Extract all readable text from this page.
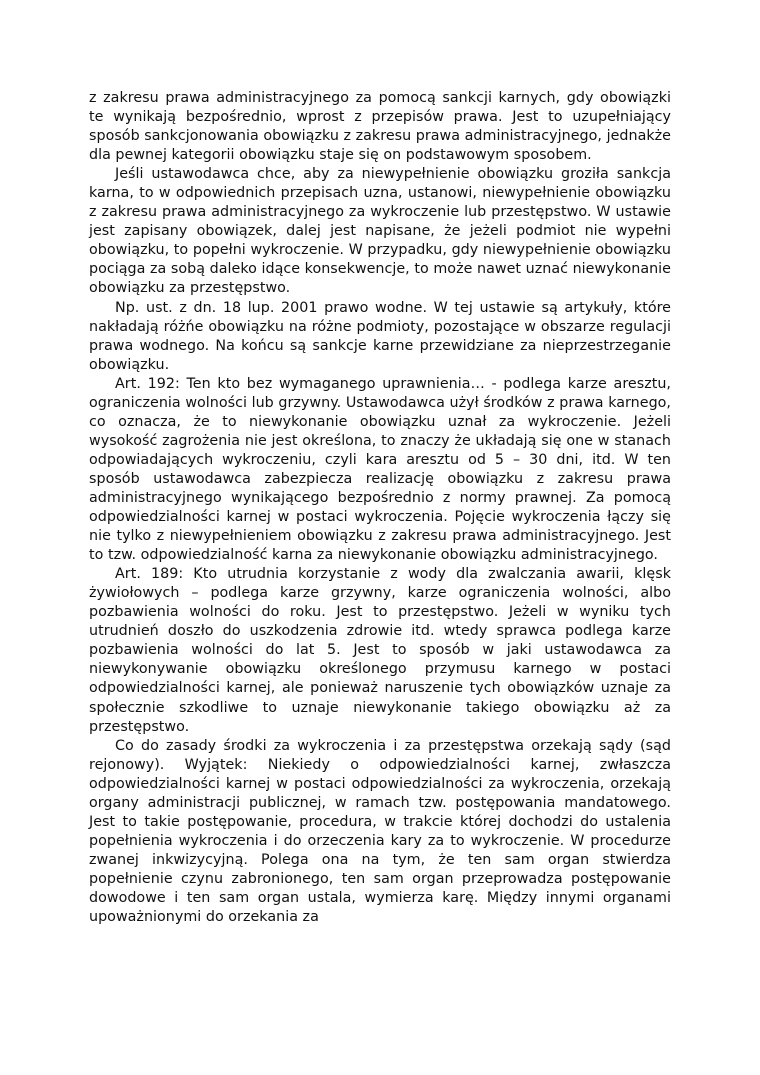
z zakresu prawa administracyjnego za pomocą sankcji karnych, gdy obowiązki te wynikają bezpośrednio, wprost z przepisów prawa. Jest to uzupełniający sposób sankcjonowania obowiązku z zakresu prawa administracyjnego, jednakże dla pewnej kategorii obowiązku staje się on podstawowym sposobem.

Jeśli ustawodawca chce, aby za niewypełnienie obowiązku groziła sankcja karna, to w odpowiednich przepisach uzna, ustanowi, niewypełnienie obowiązku z zakresu prawa administracyjnego za wykroczenie lub przestępstwo. W ustawie jest zapisany obowiązek, dalej jest napisane, że jeżeli podmiot nie wypełni obowiązku, to popełni wykroczenie. W przypadku, gdy niewypełnienie obowiązku pociąga za sobą daleko idące konsekwencje, to może nawet uznać niewykonanie obowiązku za przestępstwo.

Np. ust. z dn. 18 lup. 2001 prawo wodne. W tej ustawie są artykuły, które nakładają różńe obowiązku na różne podmioty, pozostające w obszarze regulacji prawa wodnego. Na końcu są sankcje karne przewidziane za nieprzestrzeganie obowiązku.

Art. 192: Ten kto bez wymaganego uprawnienia… - podlega karze aresztu, ograniczenia wolności lub grzywny. Ustawodawca użył środków z prawa karnego, co oznacza, że to niewykonanie obowiązku uznał za wykroczenie. Jeżeli wysokość zagrożenia nie jest określona, to znaczy że układają się one w stanach odpowiadających wykroczeniu, czyli kara aresztu od 5 – 30 dni, itd. W ten sposób ustawodawca zabezpiecza realizację obowiązku z zakresu prawa administracyjnego wynikającego bezpośrednio z normy prawnej. Za pomocą odpowiedzialności karnej w postaci wykroczenia. Pojęcie wykroczenia łączy się nie tylko z niewypełnieniem obowiązku z zakresu prawa administracyjnego. Jest to tzw. odpowiedzialność karna za niewykonanie obowiązku administracyjnego.

Art. 189: Kto utrudnia korzystanie z wody dla zwalczania awarii, klęsk żywiołowych – podlega karze grzywny, karze ograniczenia wolności, albo pozbawienia wolności do roku. Jest to przestępstwo. Jeżeli w wyniku tych utrudnień doszło do uszkodzenia zdrowie itd. wtedy sprawca podlega karze pozbawienia wolności do lat 5. Jest to sposób w jaki ustawodawca za niewykonywanie obowiązku określonego przymusu karnego w postaci odpowiedzialności karnej, ale ponieważ naruszenie tych obowiązków uznaje za społecznie szkodliwe to uznaje niewykonanie takiego obowiązku aż za przestępstwo.

Co do zasady środki za wykroczenia i za przestępstwa orzekają sądy (sąd rejonowy). Wyjątek: Niekiedy o odpowiedzialności karnej, zwłaszcza odpowiedzialności karnej w postaci odpowiedzialności za wykroczenia, orzekają organy administracji publicznej, w ramach tzw. postępowania mandatowego. Jest to takie postępowanie, procedura, w trakcie której dochodzi do ustalenia popełnienia wykroczenia i do orzeczenia kary za to wykroczenie. W procedurze zwanej inkwizycyjną. Polega ona na tym, że ten sam organ stwierdza popełnienie czynu zabronionego, ten sam organ przeprowadza postępowanie dowodowe i ten sam organ ustala, wymierza karę. Między innymi organami upoważnionymi do orzekania za
